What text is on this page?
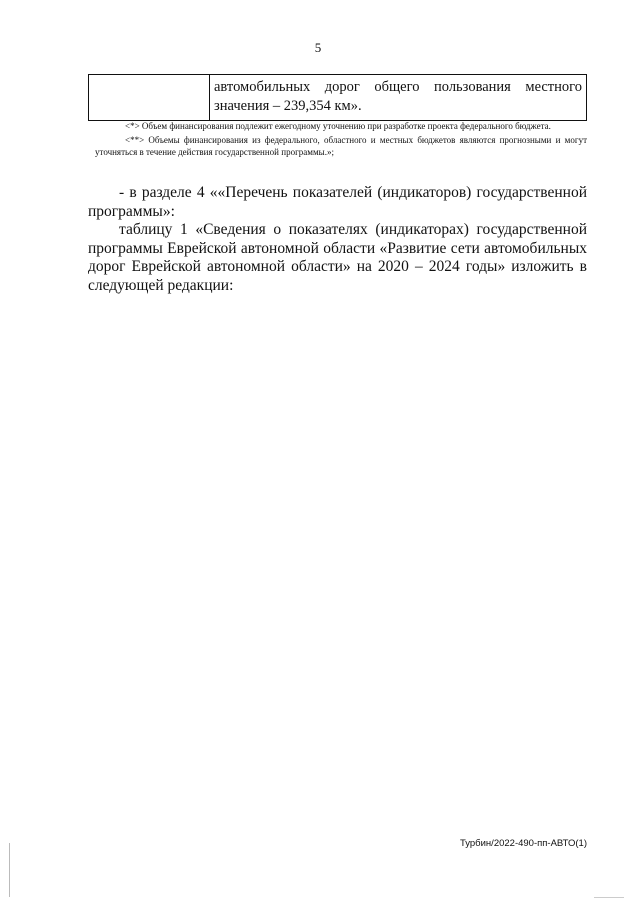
5
	автомобильных дорог общего пользования местного значения – 239,354 км».

<*> Объем финансирования подлежит ежегодному уточнению при разработке проекта федерального бюджета.

<**> Объемы финансирования из федерального, областного и местных бюджетов являются прогнозными и могут уточняться в течение действия государственной программы.»;

- в разделе 4 ««Перечень показателей (индикаторов) государственной программы»:

таблицу 1 «Сведения о показателях (индикаторах) государственной программы Еврейской автономной области «Развитие сети автомобильных дорог Еврейской автономной области» на 2020 – 2024 годы» изложить в следующей редакции:

Турбин/2022-490-пп-АВТО(1)
